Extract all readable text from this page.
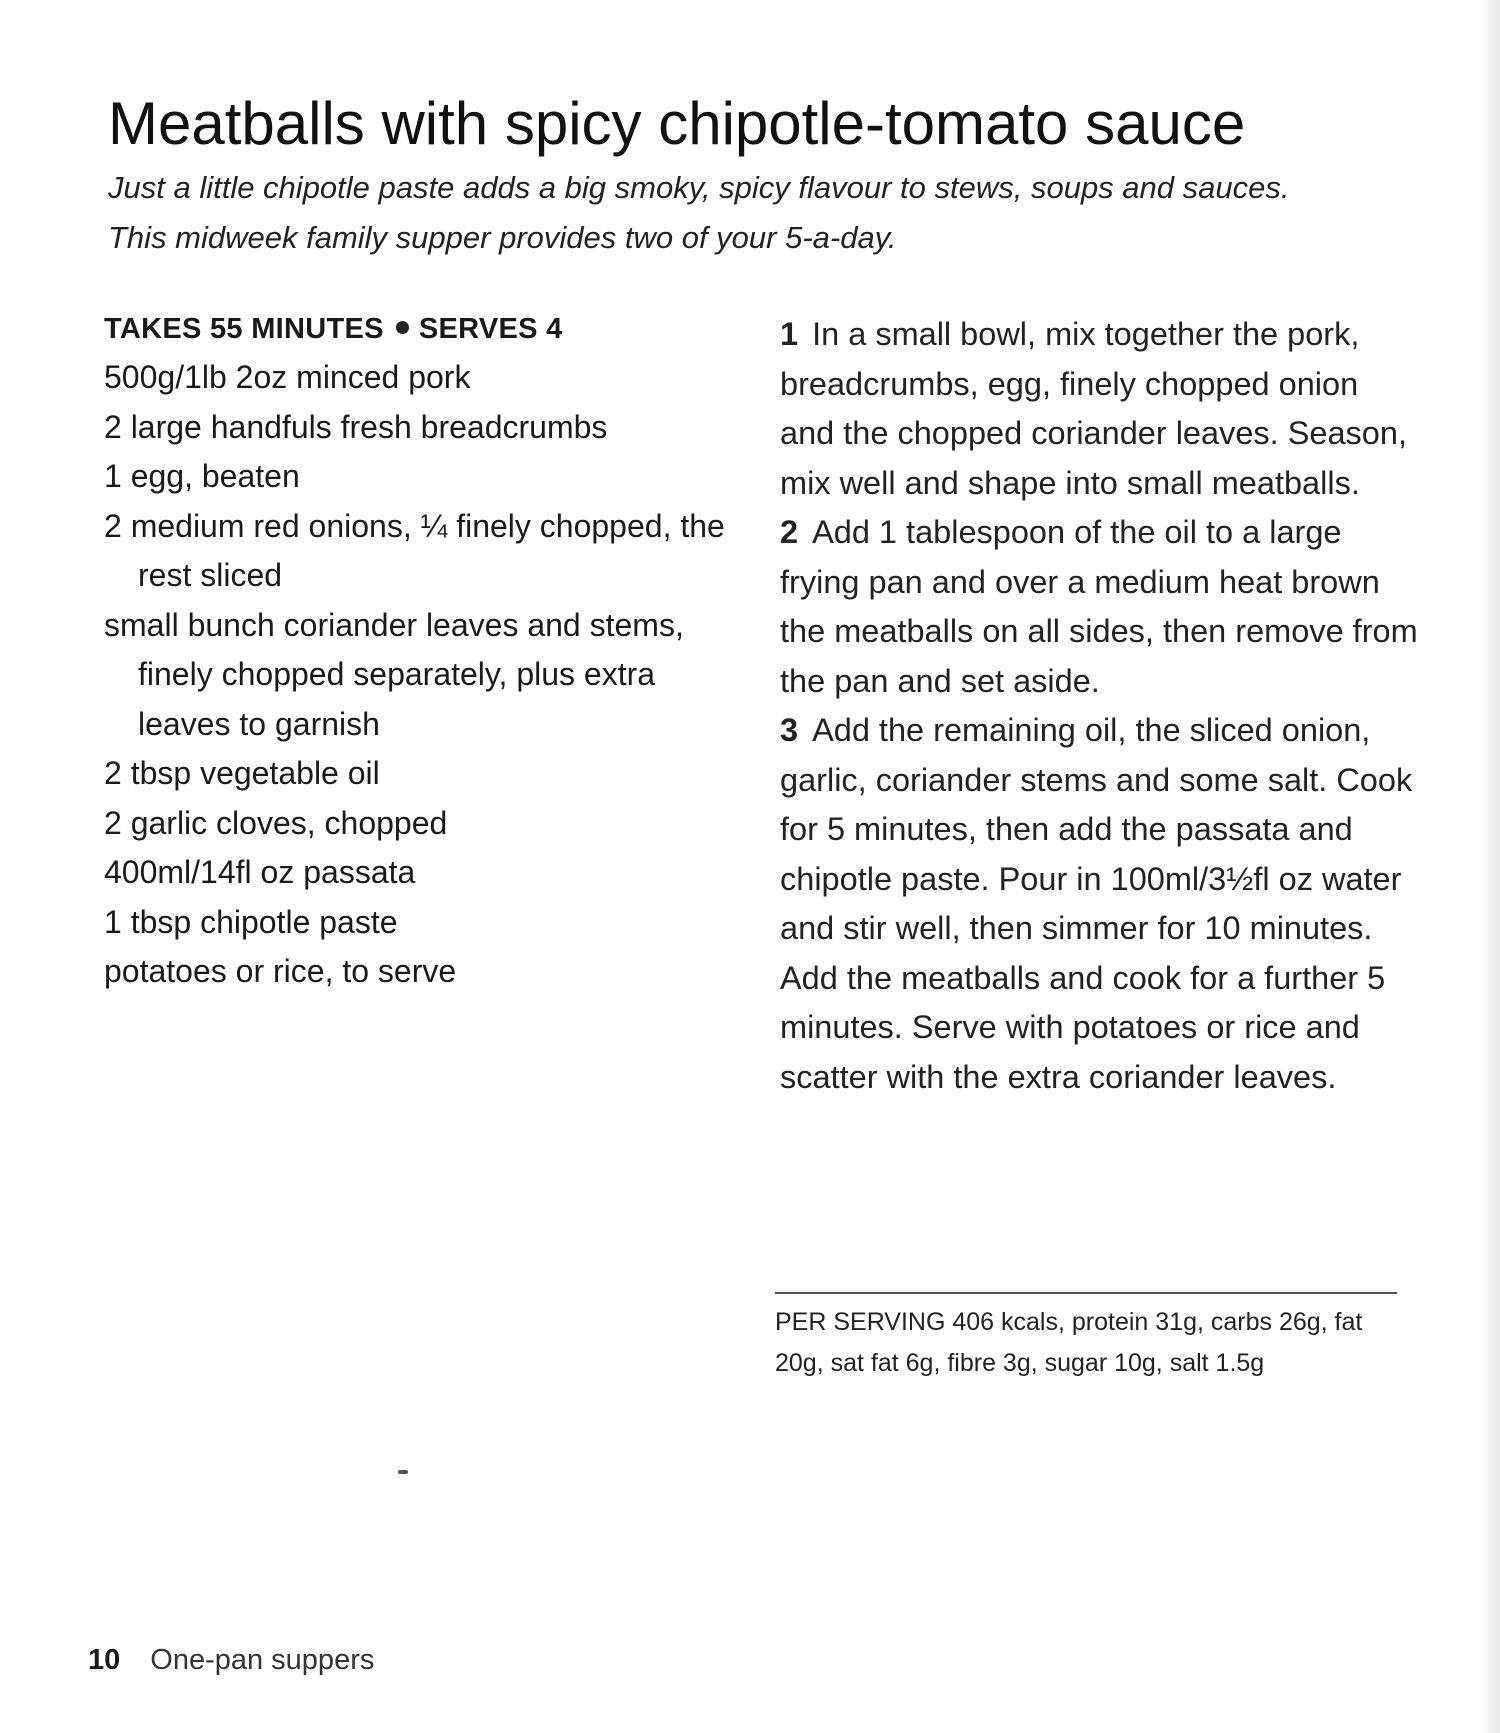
Meatballs with spicy chipotle-tomato sauce

Just a little chipotle paste adds a big smoky, spicy flavour to stews, soups and sauces.
This midweek family supper provides two of your 5-a-day.

TAKES 55 MINUTES SERVES 4
500g/1lb 2oz minced pork
2 large handfuls fresh breadcrumbs
1 egg, beaten
2 medium red onions, ¼ finely chopped, the rest sliced
small bunch coriander leaves and stems, finely chopped separately, plus extra leaves to garnish
2 tbsp vegetable oil
2 garlic cloves, chopped
400ml/14fl oz passata
1 tbsp chipotle paste
potatoes or rice, to serve

1 In a small bowl, mix together the pork, breadcrumbs, egg, finely chopped onion and the chopped coriander leaves. Season, mix well and shape into small meatballs.

2 Add 1 tablespoon of the oil to a large frying pan and over a medium heat brown the meatballs on all sides, then remove from the pan and set aside.

3 Add the remaining oil, the sliced onion, garlic, coriander stems and some salt. Cook for 5 minutes, then add the passata and chipotle paste. Pour in 100ml/3½fl oz water and stir well, then simmer for 10 minutes. Add the meatballs and cook for a further 5 minutes. Serve with potatoes or rice and scatter with the extra coriander leaves.

PER SERVING 406 kcals, protein 31g, carbs 26g, fat 20g, sat fat 6g, fibre 3g, sugar 10g, salt 1.5g
10 One-pan suppers
